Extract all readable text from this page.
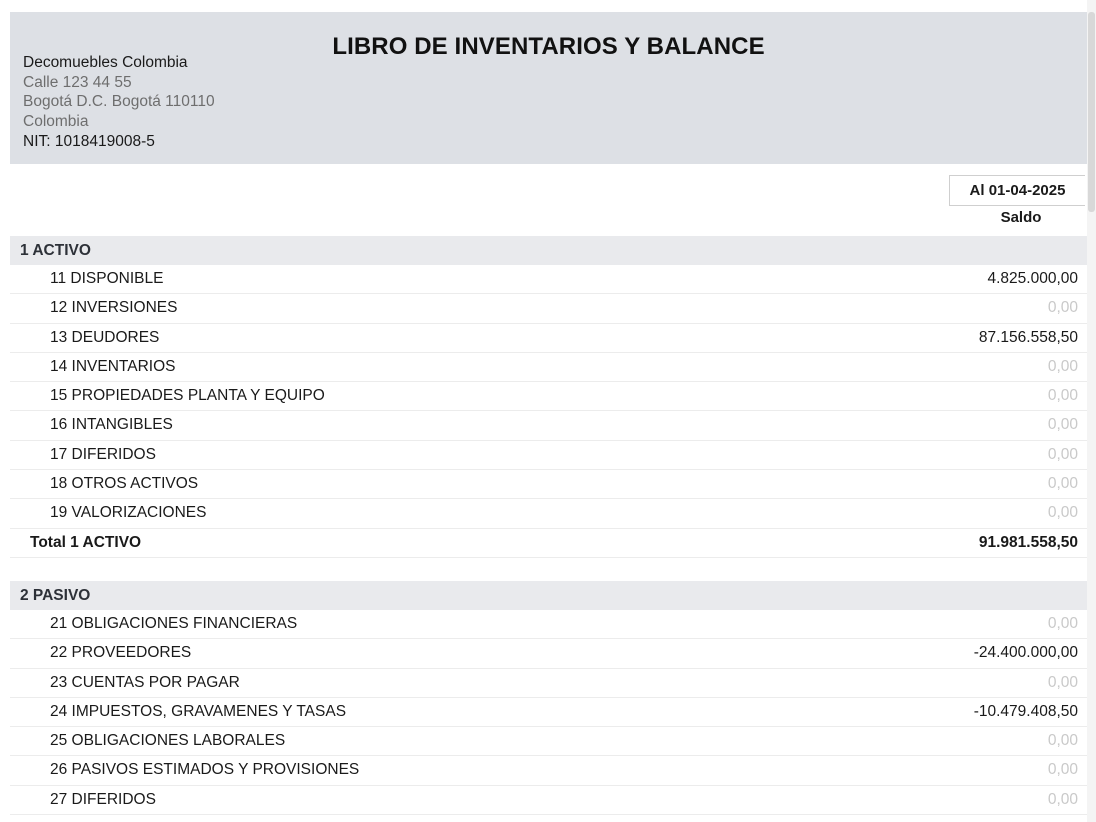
LIBRO DE INVENTARIOS Y BALANCE
Decomuebles Colombia
Calle 123 44 55
Bogotá D.C. Bogotá 110110
Colombia
NIT: 1018419008-5
Al 01-04-2025
Saldo
1 ACTIVO
11 DISPONIBLE	4.825.000,00
12 INVERSIONES	0,00
13 DEUDORES	87.156.558,50
14 INVENTARIOS	0,00
15 PROPIEDADES PLANTA Y EQUIPO	0,00
16 INTANGIBLES	0,00
17 DIFERIDOS	0,00
18 OTROS ACTIVOS	0,00
19 VALORIZACIONES	0,00
Total 1 ACTIVO	91.981.558,50
2 PASIVO
21 OBLIGACIONES FINANCIERAS	0,00
22 PROVEEDORES	-24.400.000,00
23 CUENTAS POR PAGAR	0,00
24 IMPUESTOS, GRAVAMENES Y TASAS	-10.479.408,50
25 OBLIGACIONES LABORALES	0,00
26 PASIVOS ESTIMADOS Y PROVISIONES	0,00
27 DIFERIDOS	0,00
